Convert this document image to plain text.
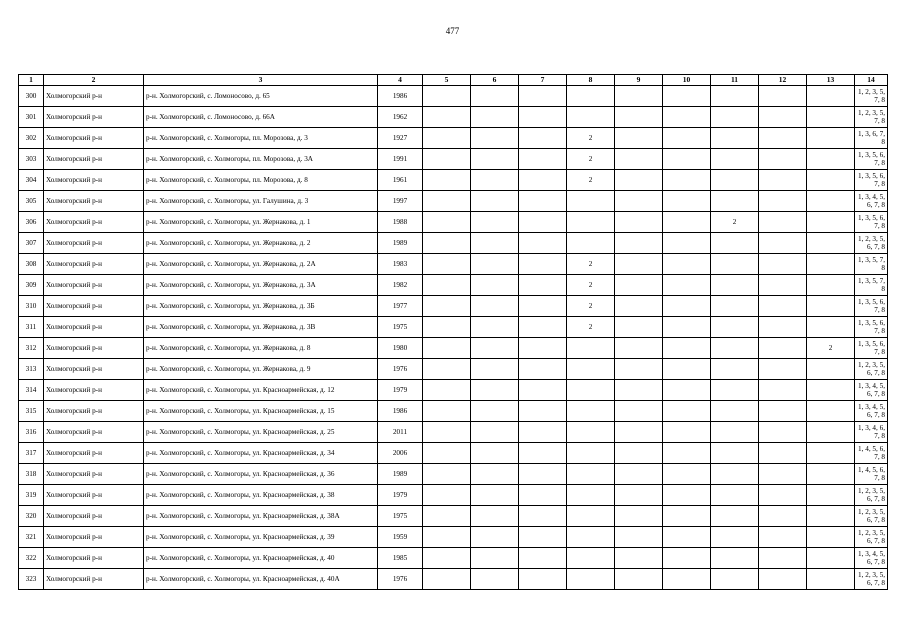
477
1	2	3	4	5	6	7	8	9	10	11	12	13	14
300	Холмогорский р-н	р-н. Холмогорский, с. Ломоносово, д. 65	1986										1, 2, 3, 5, 7, 8
301	Холмогорский р-н	р-н. Холмогорский, с. Ломоносово, д. 66А	1962										1, 2, 3, 5, 7, 8
302	Холмогорский р-н	р-н. Холмогорский, с. Холмогоры, пл. Морозова, д. 3	1927				2						1, 3, 6, 7, 8
303	Холмогорский р-н	р-н. Холмогорский, с. Холмогоры, пл. Морозова, д. 3А	1991				2						1, 3, 5, 6, 7, 8
304	Холмогорский р-н	р-н. Холмогорский, с. Холмогоры, пл. Морозова, д. 8	1961				2						1, 3, 5, 6, 7, 8
305	Холмогорский р-н	р-н. Холмогорский, с. Холмогоры, ул. Галушина, д. 3	1997										1, 3, 4, 5, 6, 7, 8
306	Холмогорский р-н	р-н. Холмогорский, с. Холмогоры, ул. Жернакова, д. 1	1988							2			1, 3, 5, 6, 7, 8
307	Холмогорский р-н	р-н. Холмогорский, с. Холмогоры, ул. Жернакова, д. 2	1989										1, 2, 3, 5, 6, 7, 8
308	Холмогорский р-н	р-н. Холмогорский, с. Холмогоры, ул. Жернакова, д. 2А	1983				2						1, 3, 5, 7, 8
309	Холмогорский р-н	р-н. Холмогорский, с. Холмогоры, ул. Жернакова, д. 3А	1982				2						1, 3, 5, 7, 8
310	Холмогорский р-н	р-н. Холмогорский, с. Холмогоры, ул. Жернакова, д. 3Б	1977				2						1, 3, 5, 6, 7, 8
311	Холмогорский р-н	р-н. Холмогорский, с. Холмогоры, ул. Жернакова, д. 3В	1975				2						1, 3, 5, 6, 7, 8
312	Холмогорский р-н	р-н. Холмогорский, с. Холмогоры, ул. Жернакова, д. 8	1980									2	1, 3, 5, 6, 7, 8
313	Холмогорский р-н	р-н. Холмогорский, с. Холмогоры, ул. Жернакова, д. 9	1976										1, 2, 3, 5, 6, 7, 8
314	Холмогорский р-н	р-н. Холмогорский, с. Холмогоры, ул. Красноармейская, д. 12	1979										1, 3, 4, 5, 6, 7, 8
315	Холмогорский р-н	р-н. Холмогорский, с. Холмогоры, ул. Красноармейская, д. 15	1986										1, 3, 4, 5, 6, 7, 8
316	Холмогорский р-н	р-н. Холмогорский, с. Холмогоры, ул. Красноармейская, д. 25	2011										1, 3, 4, 6, 7, 8
317	Холмогорский р-н	р-н. Холмогорский, с. Холмогоры, ул. Красноармейская, д. 34	2006										1, 4, 5, 6, 7, 8
318	Холмогорский р-н	р-н. Холмогорский, с. Холмогоры, ул. Красноармейская, д. 36	1989										1, 4, 5, 6, 7, 8
319	Холмогорский р-н	р-н. Холмогорский, с. Холмогоры, ул. Красноармейская, д. 38	1979										1, 2, 3, 5, 6, 7, 8
320	Холмогорский р-н	р-н. Холмогорский, с. Холмогоры, ул. Красноармейская, д. 38А	1975										1, 2, 3, 5, 6, 7, 8
321	Холмогорский р-н	р-н. Холмогорский, с. Холмогоры, ул. Красноармейская, д. 39	1959										1, 2, 3, 5, 6, 7, 8
322	Холмогорский р-н	р-н. Холмогорский, с. Холмогоры, ул. Красноармейская, д. 40	1985										1, 3, 4, 5, 6, 7, 8
323	Холмогорский р-н	р-н. Холмогорский, с. Холмогоры, ул. Красноармейская, д. 40А	1976										1, 2, 3, 5, 6, 7, 8
